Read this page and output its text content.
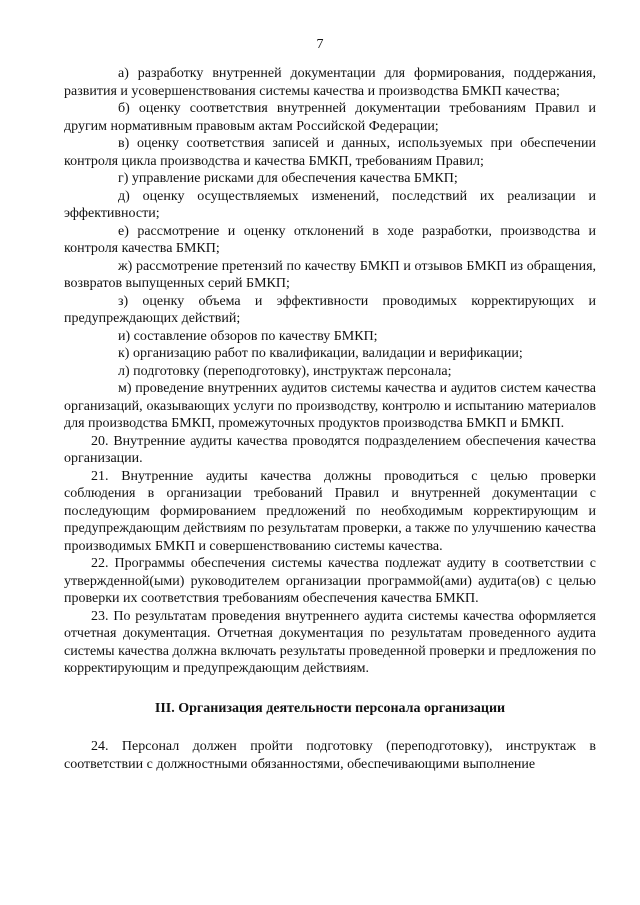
7

а) разработку внутренней документации для формирования, поддержания, развития и усовершенствования системы качества и производства БМКП качества;

б) оценку соответствия внутренней документации требованиям Правил и другим нормативным правовым актам Российской Федерации;

в) оценку соответствия записей и данных, используемых при обеспечении контроля цикла производства и качества БМКП, требованиям Правил;

г) управление рисками для обеспечения качества БМКП;

д) оценку осуществляемых изменений, последствий их реализации и эффективности;

е) рассмотрение и оценку отклонений в ходе разработки, производства и контроля качества БМКП;

ж) рассмотрение претензий по качеству БМКП и отзывов БМКП из обращения, возвратов выпущенных серий БМКП;

з) оценку объема и эффективности проводимых корректирующих и предупреждающих действий;

и) составление обзоров по качеству БМКП;

к) организацию работ по квалификации, валидации и верификации;

л) подготовку (переподготовку), инструктаж персонала;

м) проведение внутренних аудитов системы качества и аудитов систем качества организаций, оказывающих услуги по производству, контролю и испытанию материалов для производства БМКП, промежуточных продуктов производства БМКП и БМКП.

20. Внутренние аудиты качества проводятся подразделением обеспечения качества организации.

21. Внутренние аудиты качества должны проводиться с целью проверки соблюдения в организации требований Правил и внутренней документации с последующим формированием предложений по необходимым корректирующим и предупреждающим действиям по результатам проверки, а также по улучшению качества производимых БМКП и совершенствованию системы качества.

22. Программы обеспечения системы качества подлежат аудиту в соответствии с утвержденной(ыми) руководителем организации программой(ами) аудита(ов) с целью проверки их соответствия требованиям обеспечения качества БМКП.

23. По результатам проведения внутреннего аудита системы качества оформляется отчетная документация. Отчетная документация по результатам проведенного аудита системы качества должна включать результаты проведенной проверки и предложения по корректирующим и предупреждающим действиям.

III. Организация деятельности персонала организации

24. Персонал должен пройти подготовку (переподготовку), инструктаж в соответствии с должностными обязанностями, обеспечивающими выполнение
